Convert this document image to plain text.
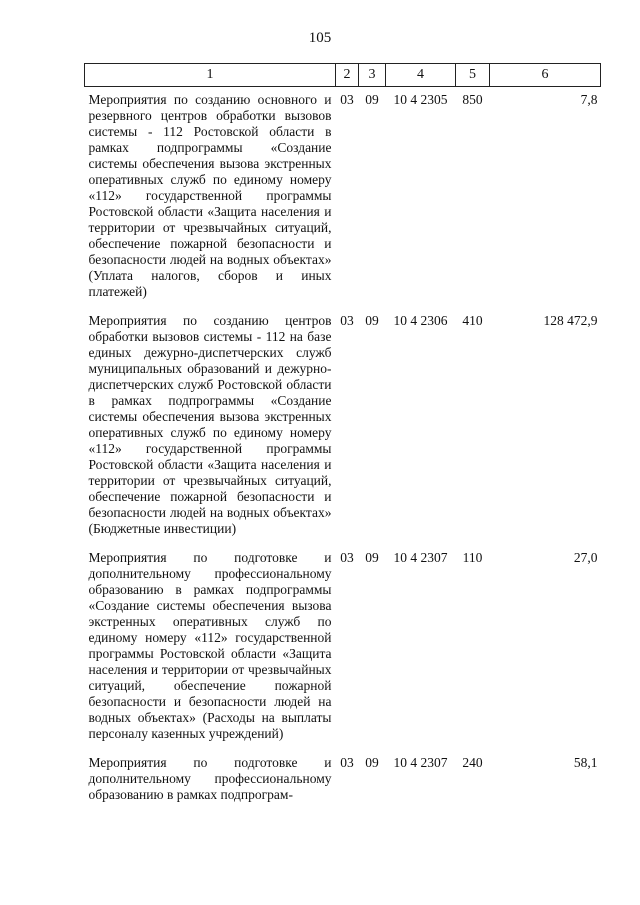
105
1	2	3	4	5	6
Мероприятия по созданию основного и резервного центров обработки вызовов системы - 112 Ростовской области в рамках подпрограммы «Создание системы обеспечения вызова экстренных оперативных служб по единому номеру «112» государственной программы Ростовской области «Защита населения и территории от чрезвычайных ситуаций, обеспечение пожарной безопасности и безопасности людей на водных объектах» (Уплата налогов, сборов и иных платежей)	03	09	10 4 2305	850	7,8
Мероприятия по созданию центров обработки вызовов системы - 112 на базе единых дежурно-диспетчерских служб муниципальных образований и дежурно-диспетчерских служб Ростовской области в рамках подпрограммы «Создание системы обеспечения вызова экстренных оперативных служб по единому номеру «112» государственной программы Ростовской области «Защита населения и территории от чрезвычайных ситуаций, обеспечение пожарной безопасности и безопасности людей на водных объектах» (Бюджетные инвестиции)	03	09	10 4 2306	410	128 472,9
Мероприятия по подготовке и дополнительному профессиональному образованию в рамках подпрограммы «Создание системы обеспечения вызова экстренных оперативных служб по единому номеру «112» государственной программы Ростовской области «Защита населения и территории от чрезвычайных ситуаций, обеспечение пожарной безопасности и безопасности людей на водных объектах» (Расходы на выплаты персоналу казенных учреждений)	03	09	10 4 2307	110	27,0
Мероприятия по подготовке и дополнительному профессиональному образованию в рамках подпрограм-	03	09	10 4 2307	240	58,1
